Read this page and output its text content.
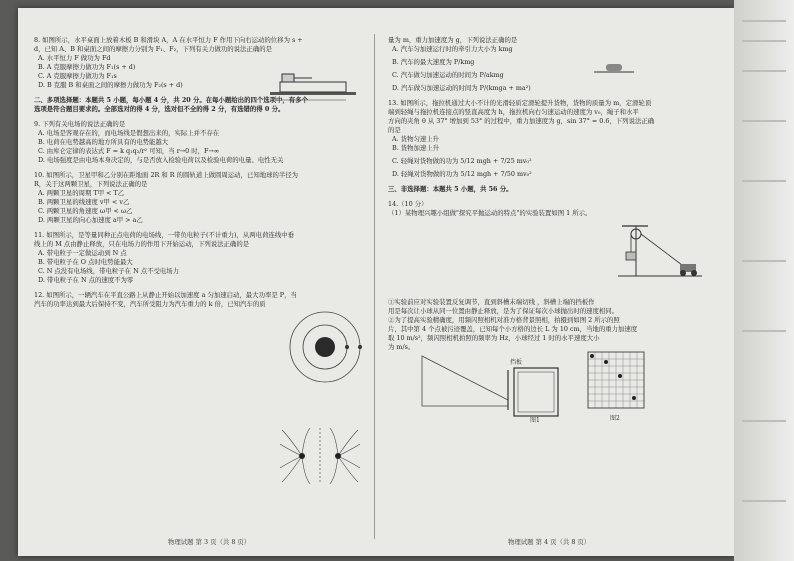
8. 如图所示，水平桌面上放着木板 B 和滑块 A，A 在水平恒力 F 作用下向右运动的位移为 s +

d，已知 A、B 和桌面之间的摩擦力分别为 F₁、F₂，下列有关力做功的说法正确的是

A. 水平恒力 F 做功为 Fd

B. A 克服摩擦力做功为 F₁(s + d)

C. A 克服摩擦力做功为 F₁s

D. B 克服 B 和桌面之间的摩擦力做功为 F₂(s + d)

二、多项选择题：本题共 5 小题，每小题 4 分，共 20 分。在每小题给出的四个选项中，有多个

选项是符合题目要求的。全部选对的得 4 分，选对但不全的得 2 分，有选错的得 0 分。

9. 下列有关电场的说法正确的是

A. 电场是客观存在的，而电场线是假想出来的，实际上并不存在

B. 电荷在电势越高的地方所具有的电势能越大

C. 由库仑定律的表达式 F = k q₁q₂/r² 可知，当 r→0 时，F→∞

D. 电场强度是由电场本身决定的，与是否放入检验电荷以及检验电荷的电量、电性无关

10. 如图所示，卫星甲和乙分别在距地面 2R 和 R 的圆轨道上做圆周运动，已知地球的半径为

R，关于这两颗卫星，下列说法正确的是

A. 两颗卫星的周期 T甲 < T乙

B. 两颗卫星的线速度 v甲 < v乙

C. 两颗卫星的角速度 ω甲 < ω乙

D. 两颗卫星的向心加速度 a甲 > a乙

11. 如图所示，是等量同种正点电荷的电场线，一带负电粒子(不计重力)，从两电荷连线中垂

线上的 M 点由静止释放，只在电场力的作用下开始运动，下列说法正确的是

A. 带电粒子一定做运动到 N 点

B. 带电粒子在 O 点时电势能最大

C. N 点没有电场线，带电粒子在 N 点不受电场力

D. 带电粒子在 N 点的速度不为零

12. 如图所示，一辆汽车在平直公路上从静止开始以加速度 a 匀加速启动，最大功率是 P，当

汽车的功率达到最大后保持不变，汽车所受阻力为汽车重力的 k 倍，已知汽车的质

物理试题 第 3 页（共 8 页）

量为 m，重力加速度为 g，下列说法正确的是

A. 汽车匀加速运行时的牵引力大小为 kmg

B. 汽车的最大速度为 P/kmg

C. 汽车做匀加速运动的时间为 P/akmg

D. 汽车做匀加速运动的时间为 P/(kmga + ma²)

13. 如图所示，拖拉机通过大小不计的光滑轻质定滑轮提升货物，货物的质量为 m，定滑轮顶

端到轻绳与拖拉机连接点的竖直高度为 h，拖拉机向右匀速运动的速度为 v₀，绳子和水平

方向的夹角 θ 从 37° 增加到 53° 的过程中，重力加速度为 g，sin 37° = 0.6，下列说法正确

的是

A. 货物匀速上升

B. 货物加速上升

C. 轻绳对货物做的功为 5/12 mgh + 7/25 mv₀²

D. 轻绳对货物做的功为 5/12 mgh + 7/50 mv₀²

三、非选择题：本题共 5 小题，共 56 分。

14.（10 分）

（1）某物理兴趣小组做"探究平抛运动的特点"的实验装置如图 1 所示。

①实验前应对实验装置反复调节，直到斜槽末端切线 ，斜槽上端的挡板作

用是每次让小球从同一位置由静止释放，是为了保证每次小球抛出时的速度相同。

②为了提高实验精确度，用频闪照相机对准方格背景照相，拍摄到如图 2 所示的照

片，其中第 4 个点被污迹覆盖，已知每个小方格的边长 L 为 10 cm，当地的重力加速度

取 10 m/s²，频闪照相机拍照的频率为 Hz，小球经过 1 时的水平速度大小

为 m/s。

挡板
图1	图2
物理试题 第 4 页（共 8 页）
